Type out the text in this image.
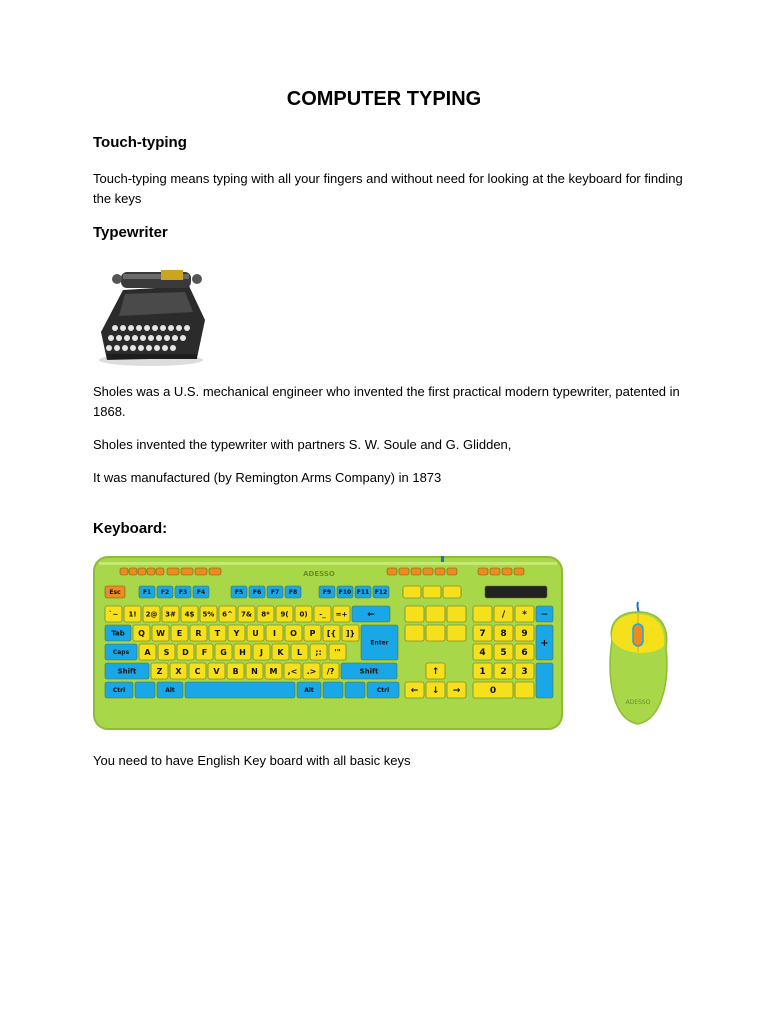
COMPUTER TYPING
Touch-typing
Touch-typing means typing with all your fingers and without need for looking at the keyboard for finding the keys
Typewriter
Sholes was a U.S. mechanical engineer who invented the first practical modern typewriter, patented in 1868.
Sholes invented the typewriter with partners S. W. Soule and G. Glidden,
It was manufactured (by Remington Arms Company) in 1873
Keyboard:
ADESSO
Esc	F1 F2 F3 F4	F5 F6 F7 F8	F9 F10 F11 F12
`~ 1! 2@ 3# 4$ 5% 6^ 7& 8* 9( 0) -_ =+ ←
Tab Q W E R T Y U I O P [{ ]}
Enter
Caps A S D F G H J K L ;: '"
Shift	Z X C V B N M ,< .> /?	Shift
Ctrl	Alt	Alt	Ctrl
↑
← ↓ →
/ * −
7 8 9
4 5 6
1 2 3
+
0
ADESSO
You need to have English Key board with all basic keys
